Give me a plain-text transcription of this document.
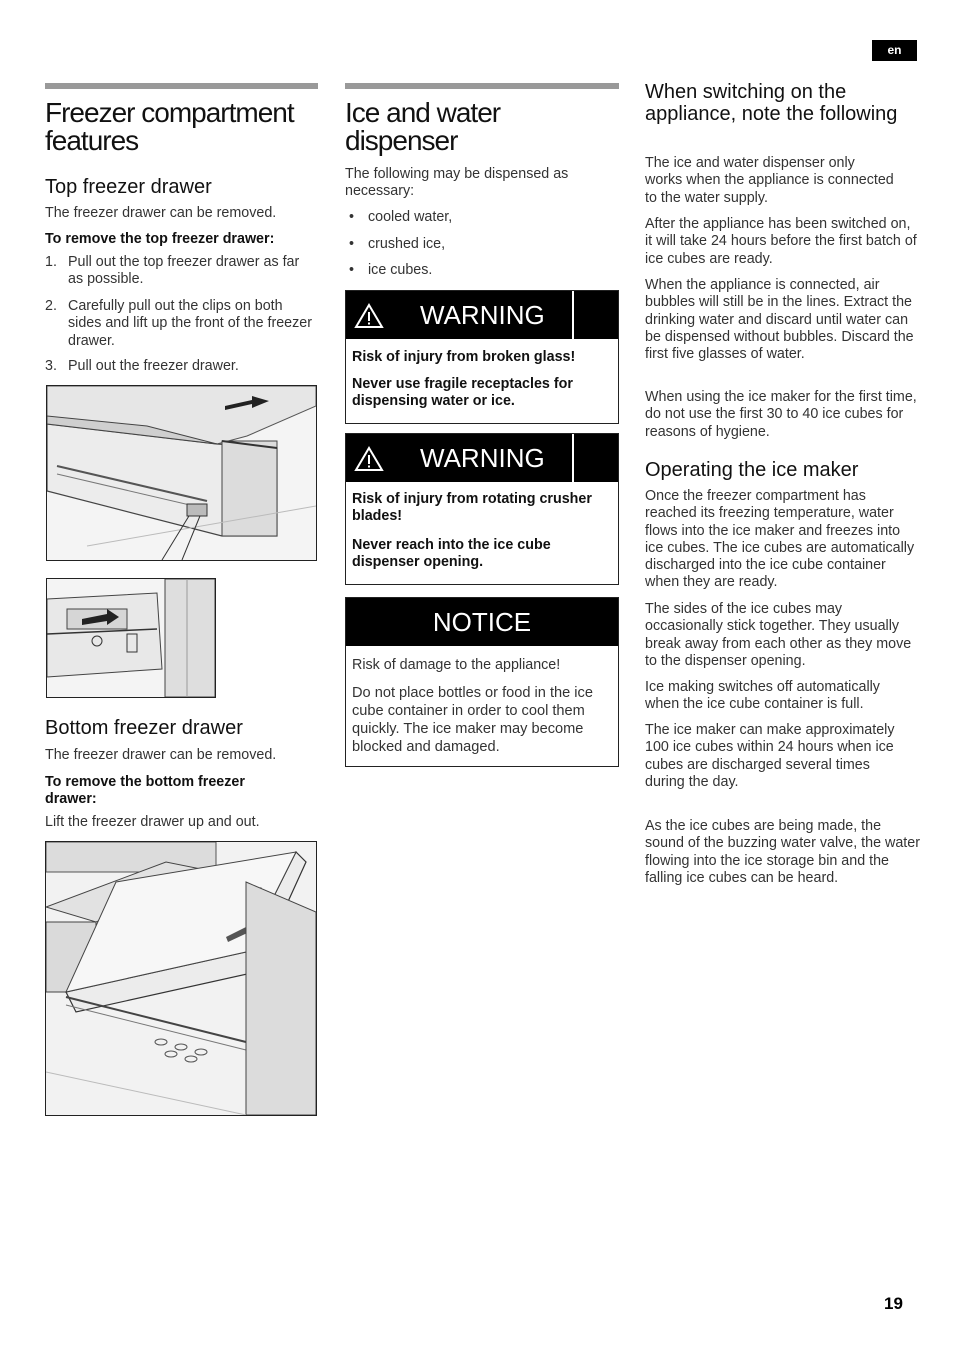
en
Freezer compartment features
Top freezer drawer

The freezer drawer can be removed.

To remove the top freezer drawer:

1. Pull out the top freezer drawer as far as possible.
2. Carefully pull out the clips on both sides and lift up the front of the freezer drawer.
3. Pull out the freezer drawer.
Bottom freezer drawer

The freezer drawer can be removed.

To remove the bottom freezer drawer:

Lift the freezer drawer up and out.

Ice and water dispenser

The following may be dispensed as necessary:

• cooled water,
• crushed ice,
• ice cubes.
WARNING

Risk of injury from broken glass!

Never use fragile receptacles for dispensing water or ice.

WARNING

Risk of injury from rotating crusher blades!

Never reach into the ice cube dispenser opening.

NOTICE

Risk of damage to the appliance!

Do not place bottles or food in the ice cube container in order to cool them quickly. The ice maker may become blocked and damaged.

When switching on the appliance, note the following

The ice and water dispenser only works when the appliance is connected to the water supply.

After the appliance has been switched on, it will take 24 hours before the first batch of ice cubes are ready.

When the appliance is connected, air bubbles will still be in the lines. Extract the drinking water and discard until water can be dispensed without bubbles. Discard the first five glasses of water.

When using the ice maker for the first time, do not use the first 30 to 40 ice cubes for reasons of hygiene.

Operating the ice maker

Once the freezer compartment has reached its freezing temperature, water flows into the ice maker and freezes into ice cubes. The ice cubes are automatically discharged into the ice cube container when they are ready.

The sides of the ice cubes may occasionally stick together. They usually break away from each other as they move to the dispenser opening.

Ice making switches off automatically when the ice cube container is full.

The ice maker can make approximately 100 ice cubes within 24 hours when ice cubes are discharged several times during the day.

As the ice cubes are being made, the sound of the buzzing water valve, the water flowing into the ice storage bin and the falling ice cubes can be heard.

19
